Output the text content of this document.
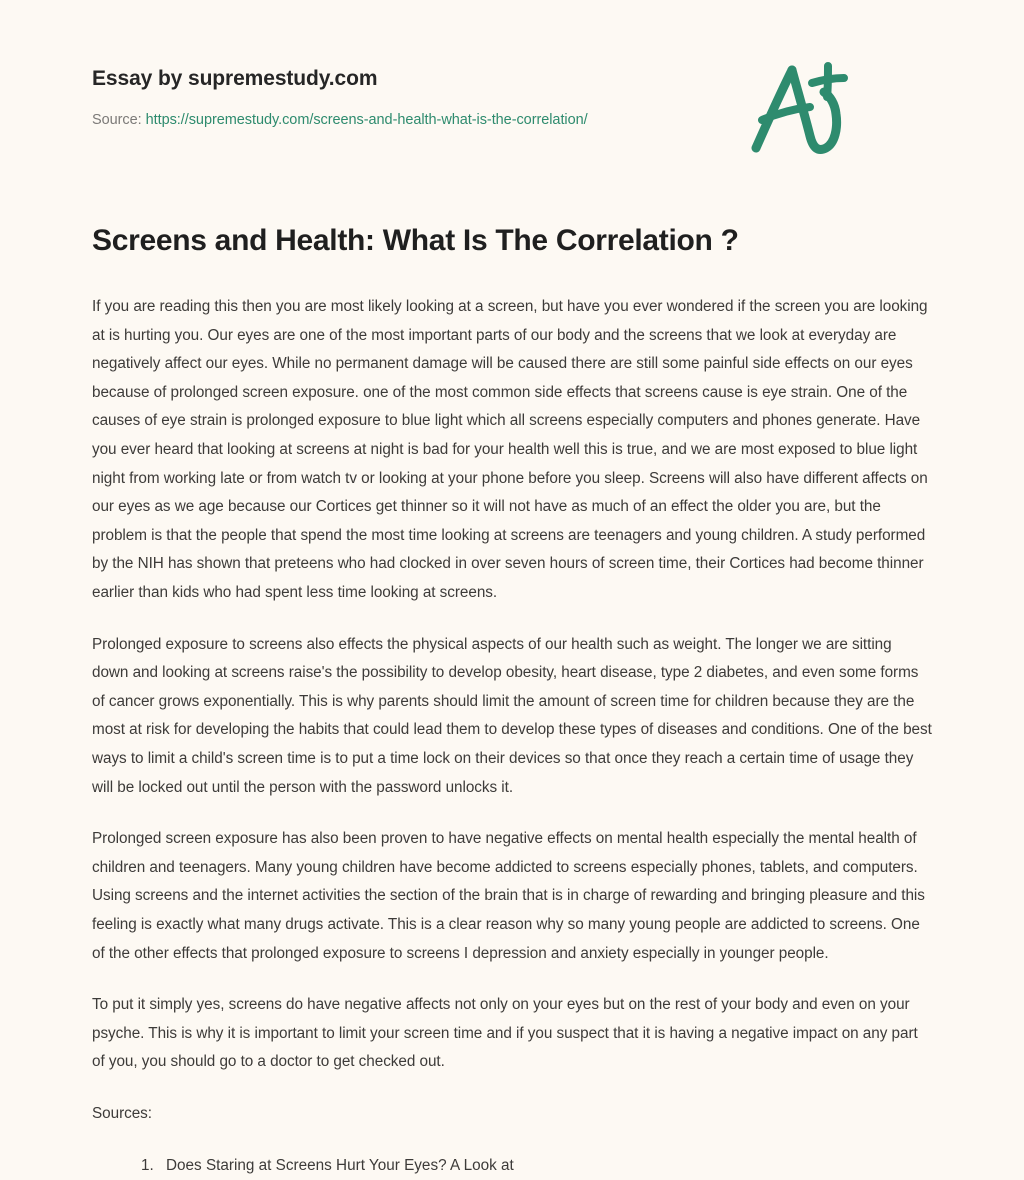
Essay by supremestudy.com
Source: https://supremestudy.com/screens-and-health-what-is-the-correlation/
Screens and Health: What Is The Correlation ?

If you are reading this then you are most likely looking at a screen, but have you ever wondered if the screen you are looking at is hurting you. Our eyes are one of the most important parts of our body and the screens that we look at everyday are negatively affect our eyes. While no permanent damage will be caused there are still some painful side effects on our eyes because of prolonged screen exposure. one of the most common side effects that screens cause is eye strain. One of the causes of eye strain is prolonged exposure to blue light which all screens especially computers and phones generate. Have you ever heard that looking at screens at night is bad for your health well this is true, and we are most exposed to blue light night from working late or from watch tv or looking at your phone before you sleep. Screens will also have different affects on our eyes as we age because our Cortices get thinner so it will not have as much of an effect the older you are, but the problem is that the people that spend the most time looking at screens are teenagers and young children. A study performed by the NIH has shown that preteens who had clocked in over seven hours of screen time, their Cortices had become thinner earlier than kids who had spent less time looking at screens.

Prolonged exposure to screens also effects the physical aspects of our health such as weight. The longer we are sitting down and looking at screens raise's the possibility to develop obesity, heart disease, type 2 diabetes, and even some forms of cancer grows exponentially. This is why parents should limit the amount of screen time for children because they are the most at risk for developing the habits that could lead them to develop these types of diseases and conditions. One of the best ways to limit a child's screen time is to put a time lock on their devices so that once they reach a certain time of usage they will be locked out until the person with the password unlocks it.

Prolonged screen exposure has also been proven to have negative effects on mental health especially the mental health of children and teenagers. Many young children have become addicted to screens especially phones, tablets, and computers. Using screens and the internet activities the section of the brain that is in charge of rewarding and bringing pleasure and this feeling is exactly what many drugs activate. This is a clear reason why so many young people are addicted to screens. One of the other effects that prolonged exposure to screens I depression and anxiety especially in younger people.

To put it simply yes, screens do have negative affects not only on your eyes but on the rest of your body and even on your psyche. This is why it is important to limit your screen time and if you suspect that it is having a negative impact on any part of you, you should go to a doctor to get checked out.

Sources:

1. Does Staring at Screens Hurt Your Eyes? A Look at
